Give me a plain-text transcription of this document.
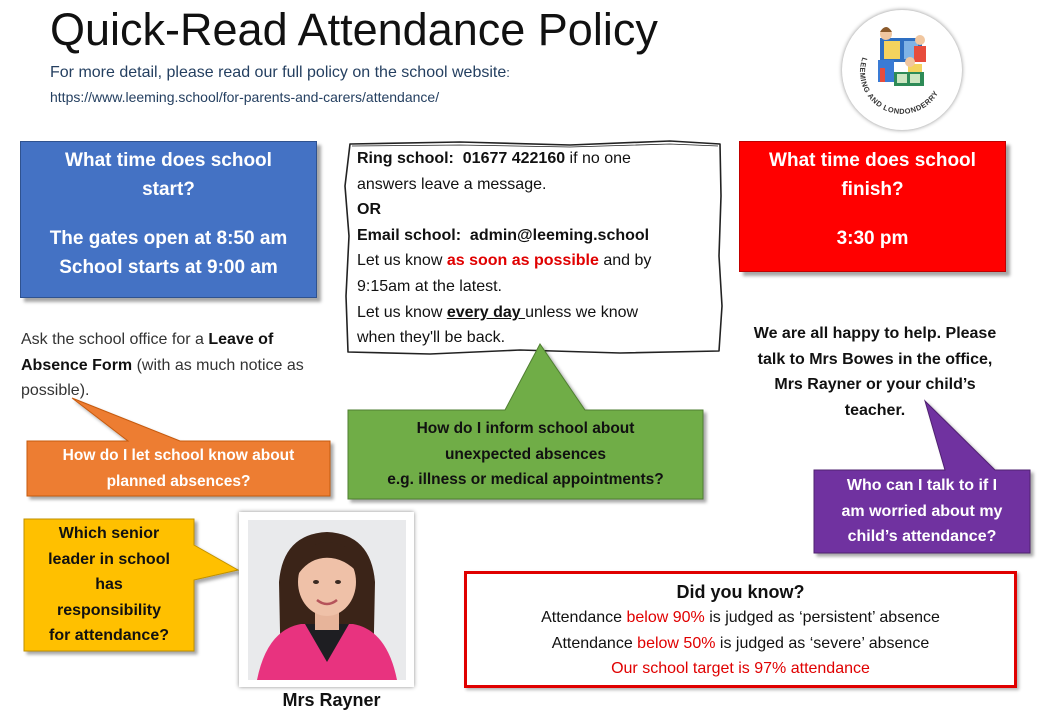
Quick-Read Attendance Policy
For more detail, please read our full policy on the school website:
https://www.leeming.school/for-parents-and-carers/attendance/
LEEMING AND LONDONDERRY
What time does school
start?
The gates open at 8:50 am
School starts at 9:00 am
What time does school
finish?
3:30 pm
Ring school: 01677 422160 if no one
answers leave a message.
OR
Email school: admin@leeming.school
Let us know as soon as possible and by
9:15am at the latest.
Let us know every day unless we know
when they'll be back.
Ask the school office for a Leave of Absence Form (with as much notice as possible).
We are all happy to help. Please
talk to Mrs Bowes in the office,
Mrs Rayner or your child’s
teacher.
How do I let school know about
planned absences?
How do I inform school about
unexpected absences
e.g. illness or medical appointments?	Who can I talk to if I
am worried about my
child’s attendance?
Which senior
leader in school
has
responsibility
for attendance?
Mrs Rayner
Did you know?
Attendance below 90% is judged as ‘persistent’ absence
Attendance below 50% is judged as ‘severe’ absence
Our school target is 97% attendance
